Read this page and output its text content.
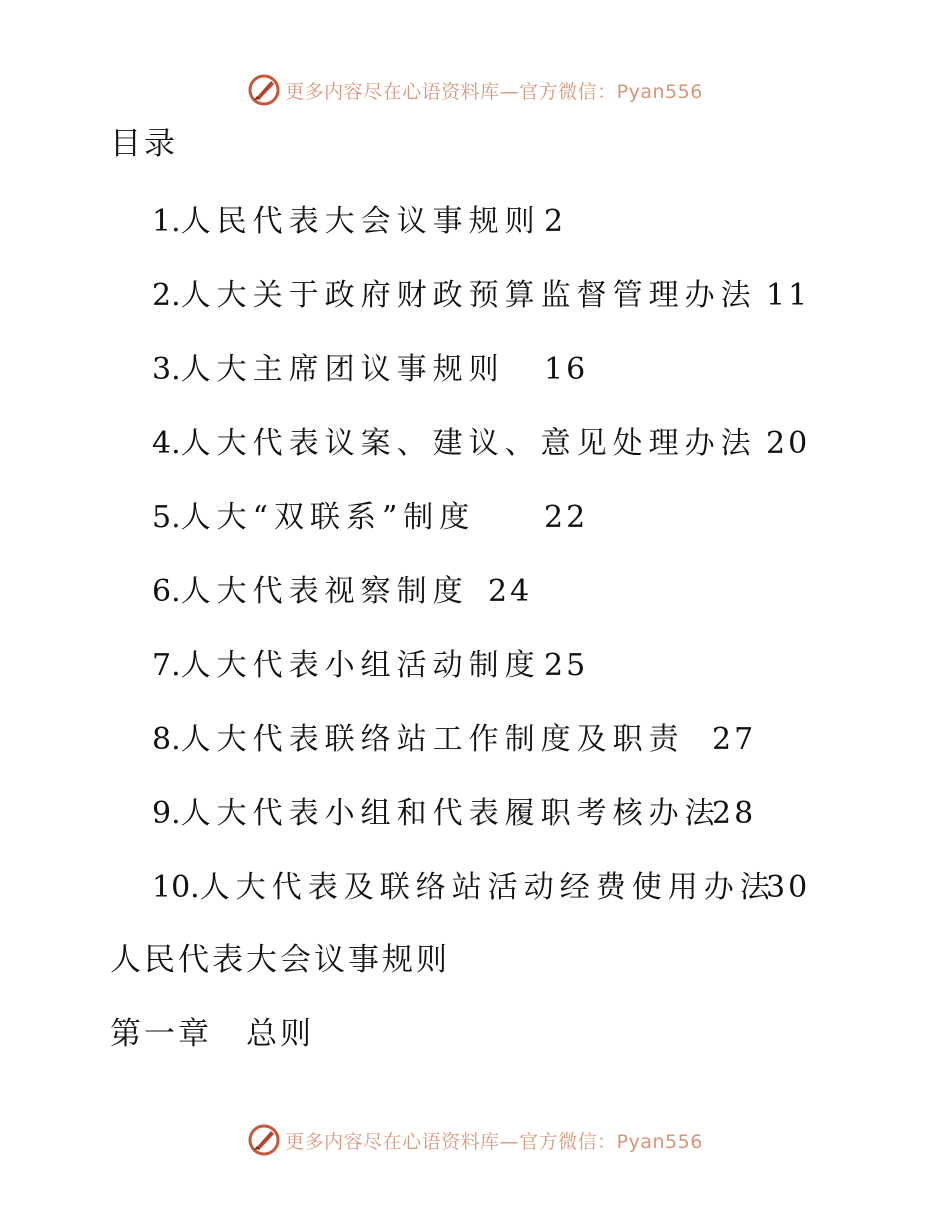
更多内容尽在心语资料库—官方微信：Pyan556
目录
1.人民代表大会议事规则 2
2.人大关于政府财政预算监督管理办法 11
3.人大主席团议事规则 16
4.人大代表议案、建议、意见处理办法 20
5.人大“双联系”制度 22
6.人大代表视察制度 24
7.人大代表小组活动制度 25
8.人大代表联络站工作制度及职责 27
9.人大代表小组和代表履职考核办法
28
10.人大代表及联络站活动经费使用办法
30
人民代表大会议事规则
第一章　总则
更多内容尽在心语资料库—官方微信：Pyan556
